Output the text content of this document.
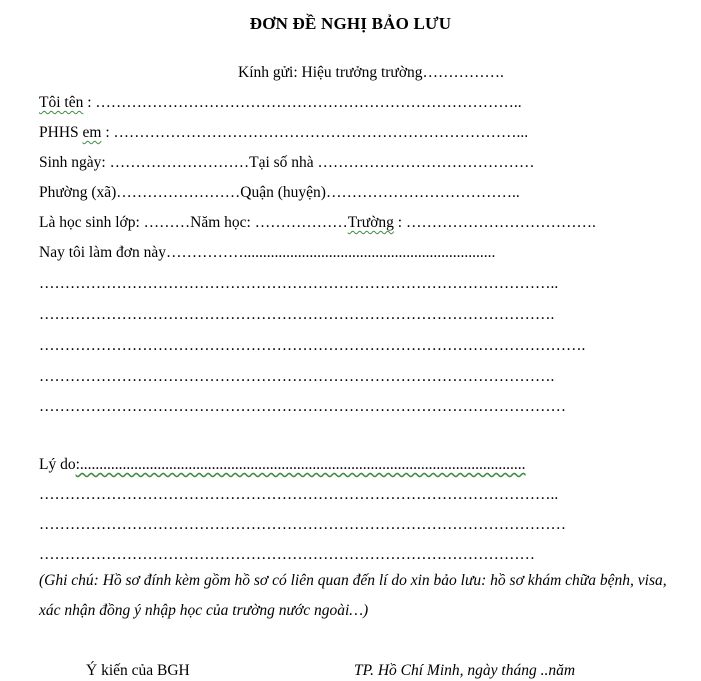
ĐƠN ĐỀ NGHỊ BẢO LƯU
Kính gửi: Hiệu trưởng trường…………….
Tôi tên : ………………………………………………………………………..
PHHS em : ……………………………………………………………………...
Sinh ngày: ………………………Tại số nhà ……………………………………
Phường (xã)……………………Quận (huyện)………………………………..
Là học sinh lớp: ………Năm học: ………………Trường : ……………………………….
Nay tôi làm đơn này…………….................................................................
………………………………………………………………………………………..
……………………………………………………………………………………….
…………………………………………………………………………………………….
……………………………………………………………………………………….
…………………………………………………………………………………………
Lý do:...................................................................................................................
………………………………………………………………………………………..
…………………………………………………………………………………………
……………………………………………………………………………………
(Ghi chú: Hồ sơ đính kèm gồm hồ sơ có liên quan đến lí do xin bảo lưu: hồ sơ khám chữa bệnh, visa, xác nhận đồng ý nhập học của trường nước ngoài…)
Ý kiến của BGH	TP. Hồ Chí Minh, ngày tháng ..năm
